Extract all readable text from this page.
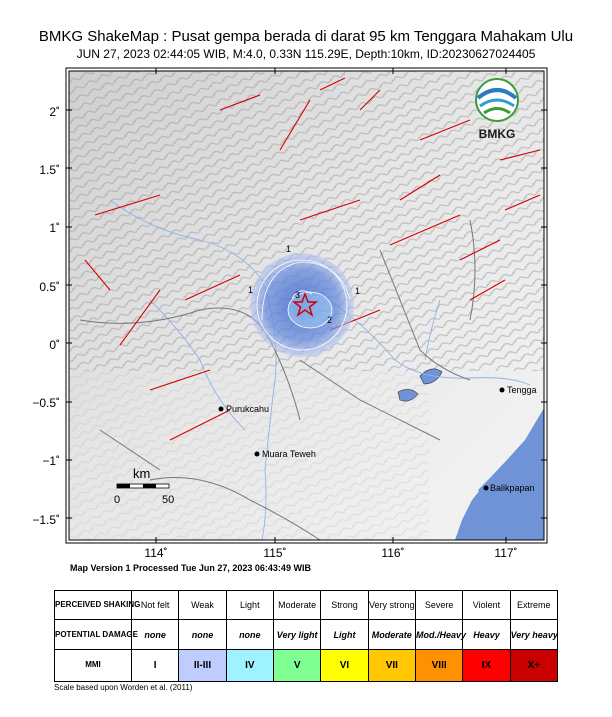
BMKG ShakeMap : Pusat gempa berada di darat 95 km Tenggara Mahakam Ulu
JUN 27, 2023 02:44:05 WIB, M:4.0, 0.33N 115.29E, Depth:10km, ID:20230627024405
1
1
1
2
3
Purukcahu
Muara Teweh
Tengga
Balikpapan
km
0	50
BMKG
2˚
1.5˚
1˚
0.5˚
0˚
−0.5˚
−1˚
−1.5˚
114˚	115˚	116˚	117˚
Map Version 1 Processed Tue Jun 27, 2023 06:43:49 WIB
PERCEIVED SHAKING	Not felt	Weak	Light	Moderate	Strong	Very strong	Severe	Violent	Extreme
POTENTIAL DAMAGE	none	none	none	Very light	Light	Moderate	Mod./Heavy	Heavy	Very heavy
MMI	I	II-III	IV	V	VI	VII	VIII	IX	X+
Scale based upon Worden et al. (2011)
